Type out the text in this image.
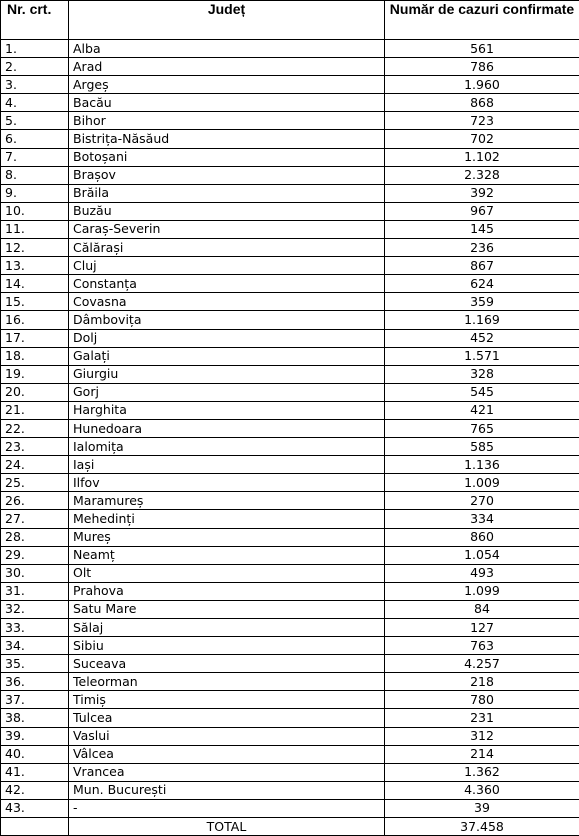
Nr. crt.	Județ	Număr de cazuri confirmate
1.	Alba	561
2.	Arad	786
3.	Argeș	1.960
4.	Bacău	868
5.	Bihor	723
6.	Bistrița-Năsăud	702
7.	Botoșani	1.102
8.	Brașov	2.328
9.	Brăila	392
10.	Buzău	967
11.	Caraș-Severin	145
12.	Călărași	236
13.	Cluj	867
14.	Constanța	624
15.	Covasna	359
16.	Dâmbovița	1.169
17.	Dolj	452
18.	Galați	1.571
19.	Giurgiu	328
20.	Gorj	545
21.	Harghita	421
22.	Hunedoara	765
23.	Ialomița	585
24.	Iași	1.136
25.	Ilfov	1.009
26.	Maramureș	270
27.	Mehedinți	334
28.	Mureș	860
29.	Neamț	1.054
30.	Olt	493
31.	Prahova	1.099
32.	Satu Mare	84
33.	Sălaj	127
34.	Sibiu	763
35.	Suceava	4.257
36.	Teleorman	218
37.	Timiș	780
38.	Tulcea	231
39.	Vaslui	312
40.	Vâlcea	214
41.	Vrancea	1.362
42.	Mun. București	4.360
43.	-	39
	TOTAL	37.458
